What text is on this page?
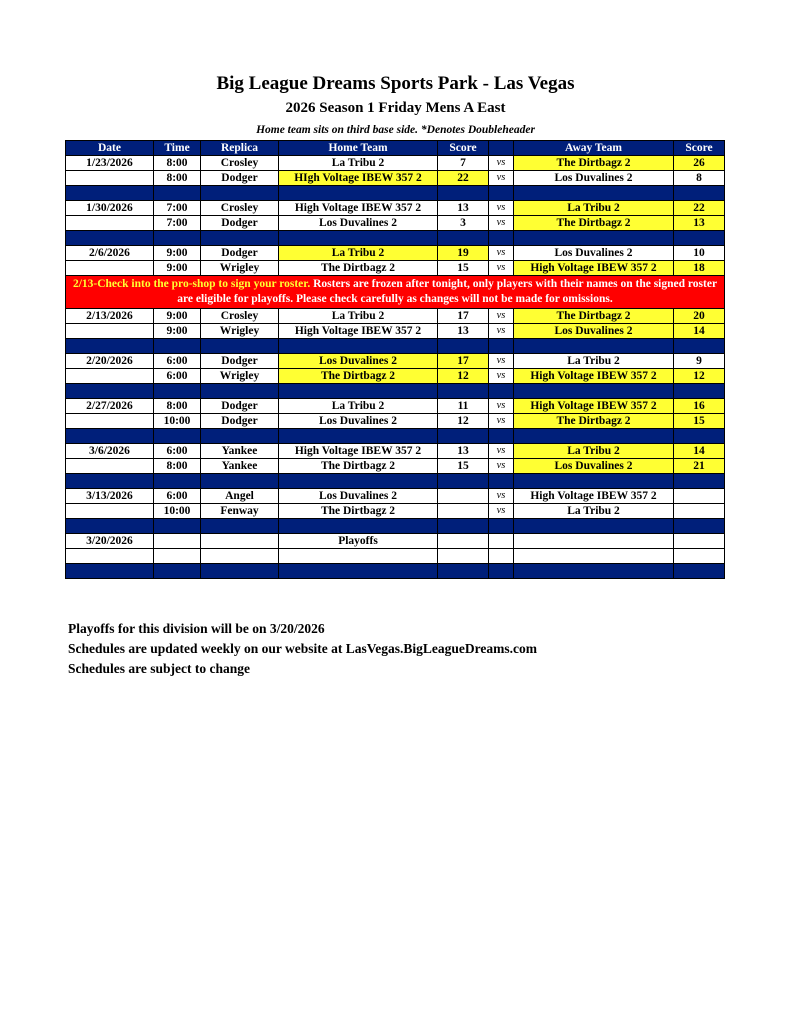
Big League Dreams Sports Park - Las Vegas
2026 Season 1 Friday Mens A East
Home team sits on third base side. *Denotes Doubleheader
Date	Time	Replica	Home Team	Score		Away Team	Score
1/23/2026	8:00	Crosley	La Tribu 2	7	vs	The Dirtbagz 2	26
	8:00	Dodger	HIgh Voltage IBEW 357 2	22	vs	Los Duvalines 2	8

1/30/2026	7:00	Crosley	High Voltage IBEW 357 2	13	vs	La Tribu 2	22
	7:00	Dodger	Los Duvalines 2	3	vs	The Dirtbagz 2	13

2/6/2026	9:00	Dodger	La Tribu 2	19	vs	Los Duvalines 2	10
	9:00	Wrigley	The Dirtbagz 2	15	vs	High Voltage IBEW 357 2	18
2/13-Check into the pro-shop to sign your roster. Rosters are frozen after tonight, only players with their names on the signed roster are eligible for playoffs. Please check carefully as changes will not be made for omissions.							
2/13/2026	9:00	Crosley	La Tribu 2	17	vs	The Dirtbagz 2	20
	9:00	Wrigley	High Voltage IBEW 357 2	13	vs	Los Duvalines 2	14

2/20/2026	6:00	Dodger	Los Duvalines 2	17	vs	La Tribu 2	9
	6:00	Wrigley	The Dirtbagz 2	12	vs	High Voltage IBEW 357 2	12

2/27/2026	8:00	Dodger	La Tribu 2	11	vs	High Voltage IBEW 357 2	16
	10:00	Dodger	Los Duvalines 2	12	vs	The Dirtbagz 2	15

3/6/2026	6:00	Yankee	High Voltage IBEW 357 2	13	vs	La Tribu 2	14
	8:00	Yankee	The Dirtbagz 2	15	vs	Los Duvalines 2	21

3/13/2026	6:00	Angel	Los Duvalines 2		vs	High Voltage IBEW 357 2	
	10:00	Fenway	The Dirtbagz 2		vs	La Tribu 2	

3/20/2026			Playoffs				

Playoffs for this division will be on 3/20/2026
Schedules are updated weekly on our website at LasVegas.BigLeagueDreams.com
Schedules are subject to change
